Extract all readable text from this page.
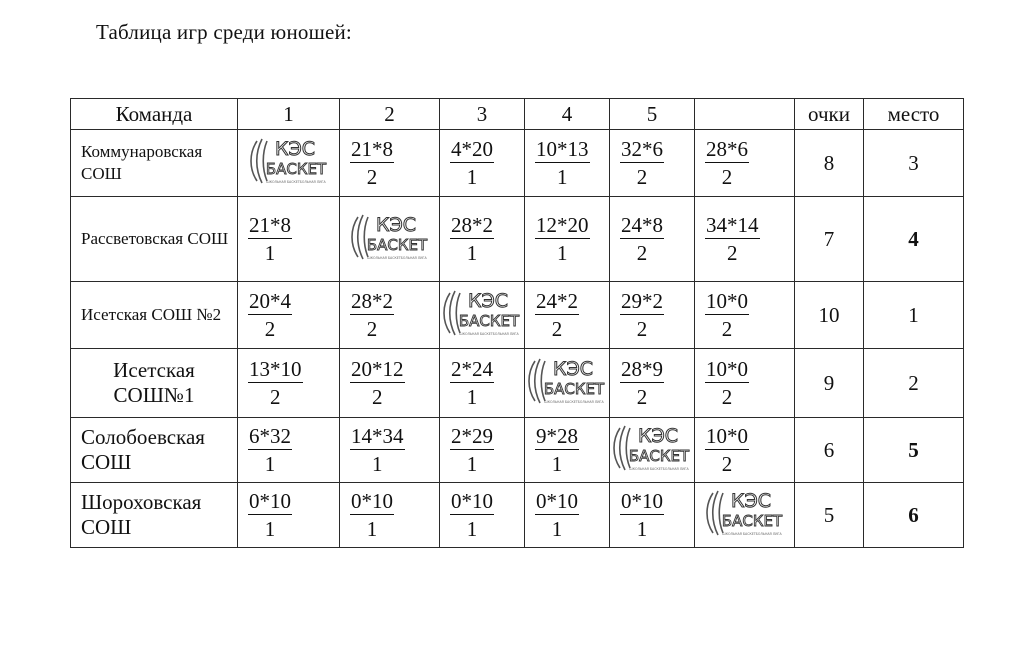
Таблица игр среди юношей:
Команда	1	2	3	4	5		очки	место
Коммунаровская СОШ	КЭС
БАСКЕТ
ШКОЛЬНАЯ БАСКЕТБОЛЬНАЯ ЛИГА	$\frac{21*8}{2}$	$\frac{4*20}{1}$	$\frac{10*13}{1}$	$\frac{32*6}{2}$	$\frac{28*6}{2}$	8	3
Рассветовская СОШ	$\frac{21*8}{1}$	КЭС
БАСКЕТ
ШКОЛЬНАЯ БАСКЕТБОЛЬНАЯ ЛИГА	$\frac{28*2}{1}$	$\frac{12*20}{1}$	$\frac{24*8}{2}$	$\frac{34*14}{2}$	7	4
Исетская СОШ №2	$\frac{20*4}{2}$	$\frac{28*2}{2}$	КЭС
БАСКЕТ
ШКОЛЬНАЯ БАСКЕТБОЛЬНАЯ ЛИГА	$\frac{24*2}{2}$	$\frac{29*2}{2}$	$\frac{10*0}{2}$	10	1
Исетская СОШ№1	$\frac{13*10}{2}$	$\frac{20*12}{2}$	$\frac{2*24}{1}$	КЭС
БАСКЕТ
ШКОЛЬНАЯ БАСКЕТБОЛЬНАЯ ЛИГА	$\frac{28*9}{2}$	$\frac{10*0}{2}$	9	2
Солобоевская СОШ	$\frac{6*32}{1}$	$\frac{14*34}{1}$	$\frac{2*29}{1}$	$\frac{9*28}{1}$	КЭС
БАСКЕТ
ШКОЛЬНАЯ БАСКЕТБОЛЬНАЯ ЛИГА	$\frac{10*0}{2}$	6	5
Шороховская СОШ	$\frac{0*10}{1}$	$\frac{0*10}{1}$	$\frac{0*10}{1}$	$\frac{0*10}{1}$	$\frac{0*10}{1}$	КЭС
БАСКЕТ
ШКОЛЬНАЯ БАСКЕТБОЛЬНАЯ ЛИГА	5	6
